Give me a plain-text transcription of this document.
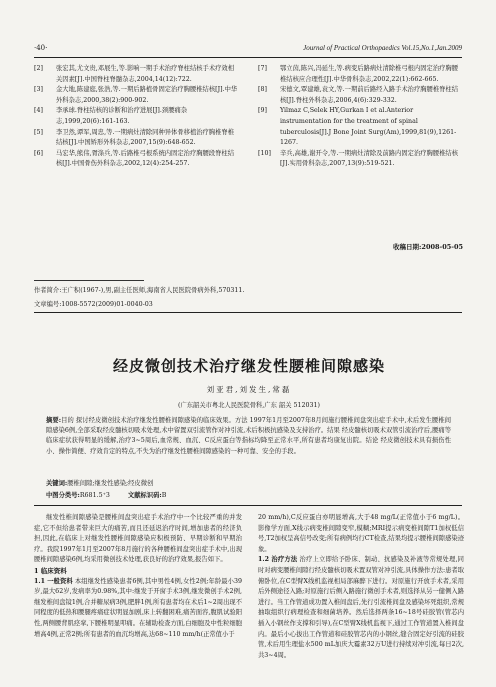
·40·	Journal of Practical Orthopaedics Vol.15,No.1,Jan.2009
[2]	张宏其,尤文贵,邓展生,等.影响一期手术治疗脊柱结核手术疗效相关因素[J].中国脊柱脊髓杂志,2004,14(12):722.
[3]	金大地,陈建庭,张浩,等.一期后路植骨固定治疗胸腰椎结核[J].中华外科杂志,2000,38(2):900-902.
[4]	李承球.脊柱结核的诊断和治疗进展[J].颈腰痛杂志,1999,20(6):161-163.
[5]	李卫然,谭军,周忠,等.一期病灶清除同种异体骨移植治疗胸椎脊椎结核[J].中国矫形外科杂志,2007,15(9):648-652.
[6]	马宏华,熊伟,胥涤兵,等.后路椎弓根系统内固定治疗胸腰段脊柱结核[J].中国骨伤外科杂志,2002,12(4):254-257.
[7]	鄂立茵,陈兴,冯延生,等.病变后路病灶清除椎弓根内固定治疗胸腰椎结核应合理性[J].中华骨科杂志,2002,22(1):662-665.
[8]	宋德文,覃建雄,袁文,等.一期前后路经入路手术治疗胸腰椎脊柱结核[J].脊柱外科杂志,2006,4(6):329-332.
[9]	Yilmaz C,Selek HY,Gurkan I et al.Anterior instrumentation for the treatment of spinal tuberculosis[J].J Bone Joint Surg(Am),1999,81(9),1261-1267.
[10]	辛兵,高雄,谢开令,等.一期病灶清除及前路内固定治疗胸腰椎结核[J].实用骨科杂志,2007,13(9):519-521.
收稿日期:2008-05-05
作者简介:王广积(1967-),男,副主任医师,海南省人民医院骨病外科,570311.
文章编号:1008-5572(2009)01-0040-03
经皮微创技术治疗继发性腰椎间隙感染
刘亚君,刘发生,常磊
(广东韶关市粤北人民医院骨科,广东 韶关 512031)
摘要:目的 探讨经皮微创技术治疗继发性腰椎间隙感染的临床效果。方法 1997年1月至2007年8月间施行腰椎间盘突出症手术中,术后发生腰椎间隙感染6例,全部采取经皮髓核切吸术处理,术中留置双引流管作对冲引流,术后积极抗感染及支持治疗。结果 经皮髓核切吸术双管引流治疗后,腰痛等临床症状获得明显的缓解,治疗3~5周后,血常规、血沉、C反应蛋白等指标均降至正常水平,所有患者均康复出院。结论 经皮微创技术具有损伤性小、操作简便、疗效肯定的特点,不失为治疗继发性腰椎间隙感染的一种可靠、安全的手段。
关键词:腰椎间隙;继发性感染;经皮微创
中图分类号:R681.5⁺3	文献标识码:B

继发性椎间隙感染是腰椎间盘突出症手术治疗中一个比较严重的并发症,它不但给患者带来巨大的痛苦,而且还延迟治疗时间,增加患者的经济负担,因此,在临床上对继发性腰椎间隙感染应积极预防、早期诊断和早期治疗。我院1997年1月至2007年8月施行的各种腰椎间盘突出症手术中,出现腰椎间隙感染6例,均采用微创技术处理,获良好的治疗效果,报告如下。

1 临床资料

1.1 一般资料 本组继发性感染患者6例,其中男性4例,女性2例;年龄最小39岁,最大62岁,发病率为0.98%,其中:继发于开窗手术3例,继发微创手术2例,继发椎间盘镜1例,合并糖尿病3例,肥胖1例,所有患者均在术后1~2周出现不同程度的低热和腰腿疼痛症状明显加剧,床上转翻困难,痛苦面容,腹肌试验阳性,两侧腰背肌痉挛,下腰椎明显叩痛。在辅助检查方面,白细胞及中性粒细胞增高4例,正常2例;所有患者的血沉均增高,达68~110 mm/h(正常值小于

20 mm/h),C反应蛋白亦明显增高,大于48 mg/L(正常值小于6 mg/L)。影像学方面,X线示病变椎间隙变窄,模糊;MRI提示病变椎间隙T1加权低信号,T2加权呈高信号改变;所有病例均行CT检查,结果均提示腰椎间隙感染迹象。

1.2 治疗方法 治疗上立即给予卧床、制动、抗感染及补液等常规处理,同时对病变腰椎间隙行经皮髓核切吸术置双管对冲引流,具体操作方法:患者取俯卧位,在C型臂X线机监视相局部麻醉下进行。对原施行开放手术者,采用后外侧途径入路;对原施行后侧入路施行微创手术者,则选择从另一健侧入路进行。当工作管道成功置入椎间盘后,先行引流椎间盘及感染坏死组织,常规抽取组织行病理检查和细菌培养。然后选择两条16~18号硅胶管(管芯内插入小钢丝作支撑和引导),在C型臂X线机监视下,通过工作管道置入椎间盘内。最后小心拔出工作管道和硅胶管芯内的小钢丝,缝合固定好引流的硅胶管,术后用生理盐水500 mL加庆大霉素32万U进行持续对冲引流,每日2次,共3~4周。
